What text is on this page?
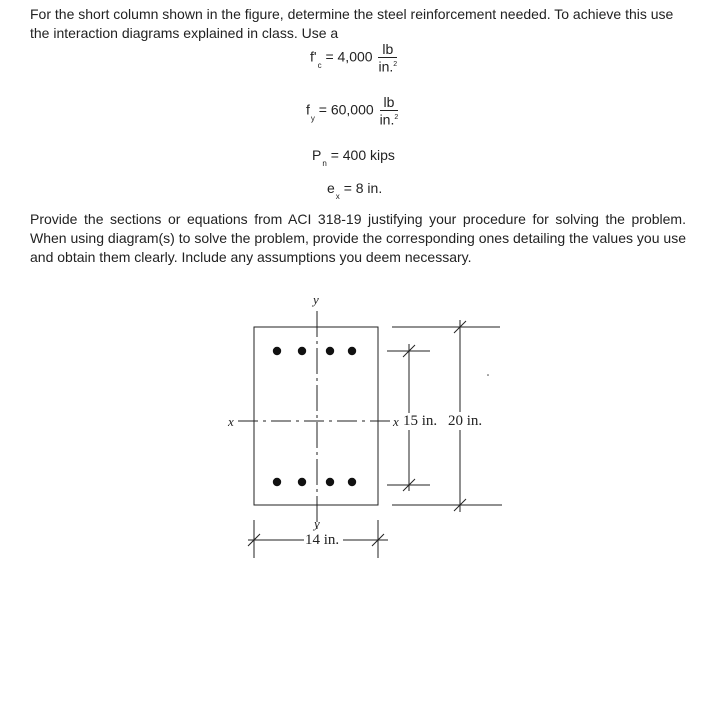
For the short column shown in the figure, determine the steel reinforcement needed. To achieve this use the interaction diagrams explained in class. Use a

$f'_c = 4,000 \frac{lb}{in.^2}$
$f_y = 60,000 \frac{lb}{in.^2}$
$P_n = 400$ kips
$e_x = 8$ in.

Provide the sections or equations from ACI 318-19 justifying your procedure for solving the problem. When using diagram(s) to solve the problem, provide the corresponding ones detailing the values you use and obtain them clearly. Include any assumptions you deem necessary.

y
y
x	x 15 in. 20 in.
14 in.
